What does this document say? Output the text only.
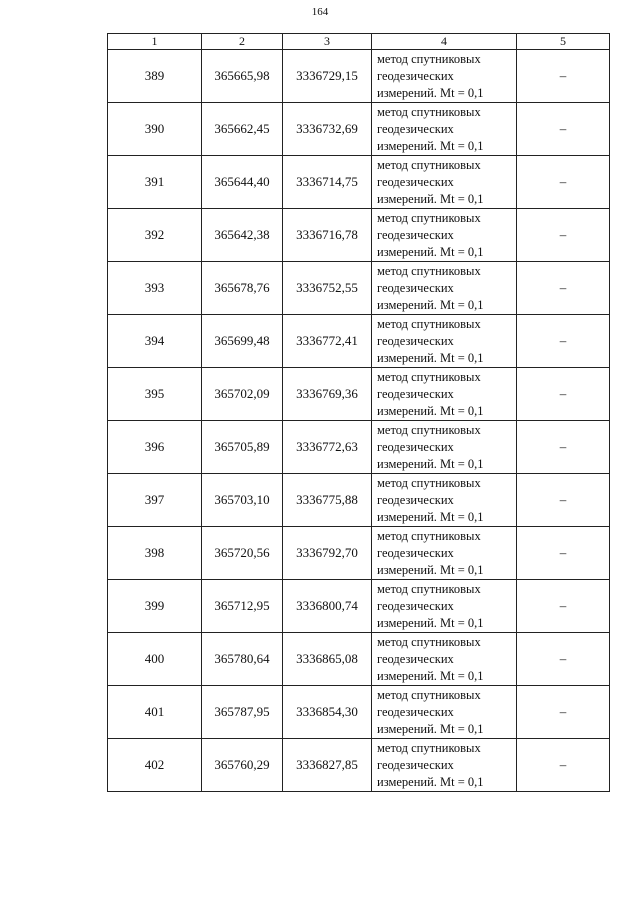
164
1	2	3	4	5
389	365665,98	3336729,15	метод спутниковых
геодезических
измерений. Mt = 0,1	–
390	365662,45	3336732,69	метод спутниковых
геодезических
измерений. Mt = 0,1	–
391	365644,40	3336714,75	метод спутниковых
геодезических
измерений. Mt = 0,1	–
392	365642,38	3336716,78	метод спутниковых
геодезических
измерений. Mt = 0,1	–
393	365678,76	3336752,55	метод спутниковых
геодезических
измерений. Mt = 0,1	–
394	365699,48	3336772,41	метод спутниковых
геодезических
измерений. Mt = 0,1	–
395	365702,09	3336769,36	метод спутниковых
геодезических
измерений. Mt = 0,1	–
396	365705,89	3336772,63	метод спутниковых
геодезических
измерений. Mt = 0,1	–
397	365703,10	3336775,88	метод спутниковых
геодезических
измерений. Mt = 0,1	–
398	365720,56	3336792,70	метод спутниковых
геодезических
измерений. Mt = 0,1	–
399	365712,95	3336800,74	метод спутниковых
геодезических
измерений. Mt = 0,1	–
400	365780,64	3336865,08	метод спутниковых
геодезических
измерений. Mt = 0,1	–
401	365787,95	3336854,30	метод спутниковых
геодезических
измерений. Mt = 0,1	–
402	365760,29	3336827,85	метод спутниковых
геодезических
измерений. Mt = 0,1	–
